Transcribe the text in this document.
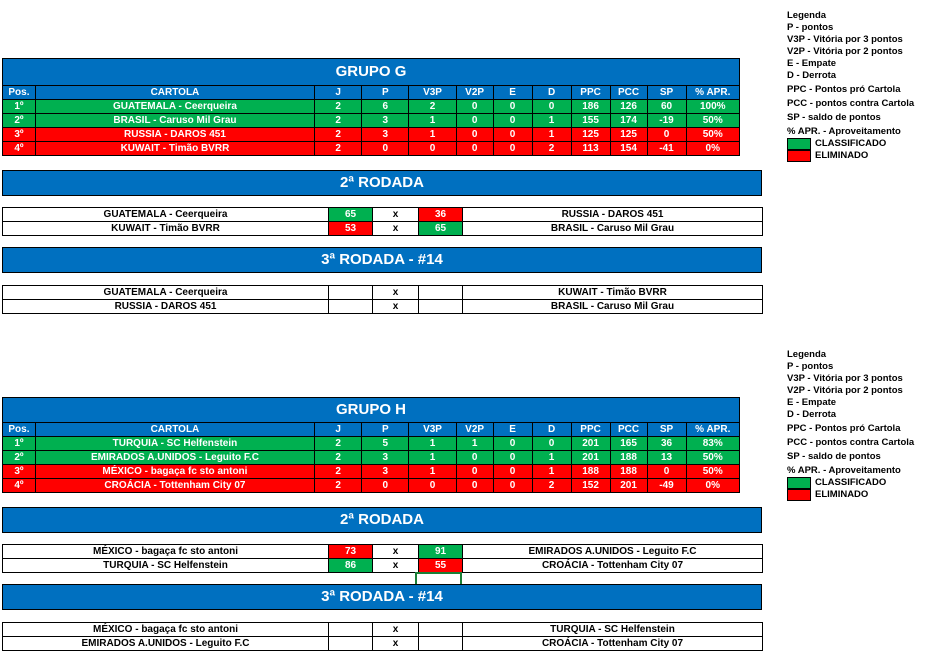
GRUPO G
Pos.	CARTOLA	J	P	V3P	V2P	E	D	PPC	PCC	SP	% APR.
1º	GUATEMALA - Ceerqueira	2	6	2	0	0	0	186	126	60	100%
2º	BRASIL - Caruso Mil Grau	2	3	1	0	0	1	155	174	-19	50%
3º	RUSSIA - DAROS 451	2	3	1	0	0	1	125	125	0	50%
4º	KUWAIT - Timão BVRR	2	0	0	0	0	2	113	154	-41	0%
2ª RODADA
GUATEMALA - Ceerqueira	65	x	36	RUSSIA - DAROS 451
KUWAIT - Timão BVRR	53	x	65	BRASIL - Caruso Mil Grau
3ª RODADA - #14
GUATEMALA - Ceerqueira		x		KUWAIT - Timão BVRR
RUSSIA - DAROS 451		x		BRASIL - Caruso Mil Grau
Legenda
P - pontos
V3P - Vitória por 3 pontos
V2P - Vitória por 2 pontos
E - Empate
D - Derrota
PPC - Pontos pró Cartola
PCC - pontos contra Cartola
SP - saldo de pontos
% APR. - Aproveitamento
CLASSIFICADO
ELIMINADO
GRUPO H
Pos.	CARTOLA	J	P	V3P	V2P	E	D	PPC	PCC	SP	% APR.
1º	TURQUIA - SC Helfenstein	2	5	1	1	0	0	201	165	36	83%
2º	EMIRADOS A.UNIDOS - Leguito F.C	2	3	1	0	0	1	201	188	13	50%
3º	MÉXICO - bagaça fc sto antoni	2	3	1	0	0	1	188	188	0	50%
4º	CROÁCIA - Tottenham City 07	2	0	0	0	0	2	152	201	-49	0%
2ª RODADA
MÉXICO - bagaça fc sto antoni	73	x	91	EMIRADOS A.UNIDOS - Leguito F.C
TURQUIA - SC Helfenstein	86	x	55	CROÁCIA - Tottenham City 07
3ª RODADA - #14
MÉXICO - bagaça fc sto antoni		x		TURQUIA - SC Helfenstein
EMIRADOS A.UNIDOS - Leguito F.C		x		CROÁCIA - Tottenham City 07
Legenda
P - pontos
V3P - Vitória por 3 pontos
V2P - Vitória por 2 pontos
E - Empate
D - Derrota
PPC - Pontos pró Cartola
PCC - pontos contra Cartola
SP - saldo de pontos
% APR. - Aproveitamento
CLASSIFICADO
ELIMINADO
